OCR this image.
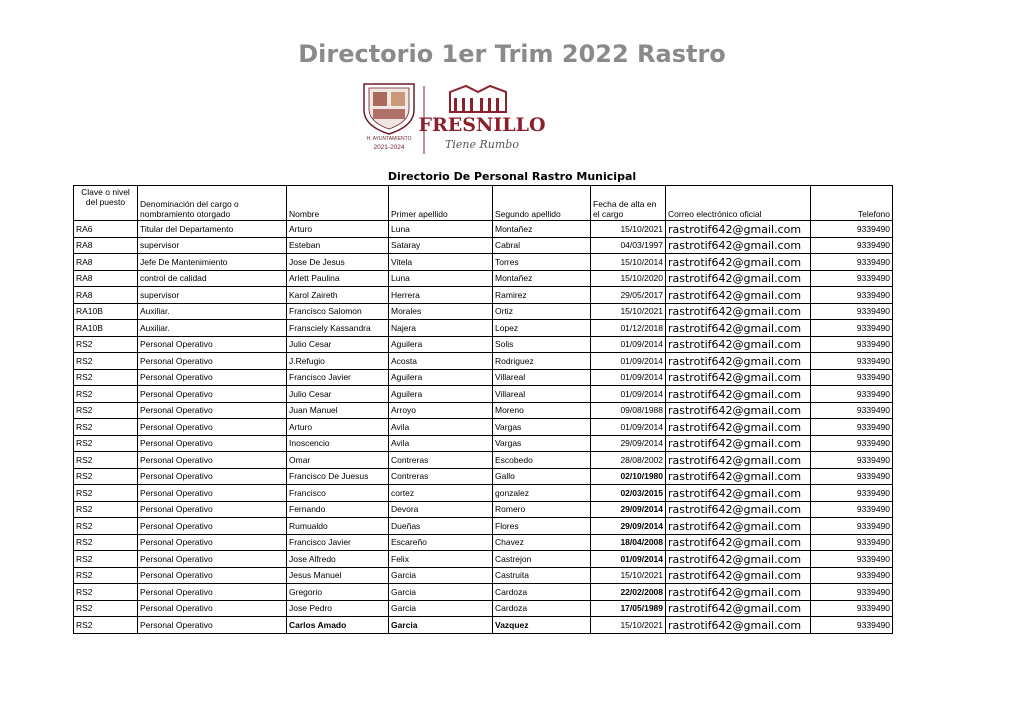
Directorio 1er Trim 2022 Rastro
H. AYUNTAMIENTO
2021-2024
FRESNILLO
Tiene Rumbo
Directorio De Personal Rastro Municipal
Clave o nivel del puesto	Denominación del cargo o nombramiento otorgado	Nombre	Primer apellido	Segundo apellido	Fecha de alta en el cargo	Correo electrónico oficial	Telefono
RA6	Titular del Departamento	Arturo	Luna	Montañez	15/10/2021	rastrotif642@gmail.com	9339490
RA8	supervisor	Esteban	Sataray	Cabral	04/03/1997	rastrotif642@gmail.com	9339490
RA8	Jefe De Mantenimiento	Jose De Jesus	Vitela	Torres	15/10/2014	rastrotif642@gmail.com	9339490
RA8	control de calidad	Arlett Paulina	Luna	Montañez	15/10/2020	rastrotif642@gmail.com	9339490
RA8	supervisor	Karol Zaireth	Herrera	Ramirez	29/05/2017	rastrotif642@gmail.com	9339490
RA10B	Auxiliar.	Francisco Salomon	Morales	Ortiz	15/10/2021	rastrotif642@gmail.com	9339490
RA10B	Auxiliar.	Fransciely Kassandra	Najera	Lopez	01/12/2018	rastrotif642@gmail.com	9339490
RS2	Personal Operativo	Julio Cesar	Aguilera	Solis	01/09/2014	rastrotif642@gmail.com	9339490
RS2	Personal Operativo	J.Refugio	Acosta	Rodriguez	01/09/2014	rastrotif642@gmail.com	9339490
RS2	Personal Operativo	Francisco Javier	Aguilera	Villareal	01/09/2014	rastrotif642@gmail.com	9339490
RS2	Personal Operativo	Julio Cesar	Aguilera	Villareal	01/09/2014	rastrotif642@gmail.com	9339490
RS2	Personal Operativo	Juan Manuel	Arroyo	Moreno	09/08/1988	rastrotif642@gmail.com	9339490
RS2	Personal Operativo	Arturo	Avila	Vargas	01/09/2014	rastrotif642@gmail.com	9339490
RS2	Personal Operativo	Inoscencio	Avila	Vargas	29/09/2014	rastrotif642@gmail.com	9339490
RS2	Personal Operativo	Omar	Contreras	Escobedo	28/08/2002	rastrotif642@gmail.com	9339490
RS2	Personal Operativo	Francisco De Juesus	Contreras	Gallo	02/10/1980	rastrotif642@gmail.com	9339490
RS2	Personal Operativo	Francisco	cortez	gonzalez	02/03/2015	rastrotif642@gmail.com	9339490
RS2	Personal Operativo	Fernando	Devora	Romero	29/09/2014	rastrotif642@gmail.com	9339490
RS2	Personal Operativo	Rumualdo	Dueñas	Flores	29/09/2014	rastrotif642@gmail.com	9339490
RS2	Personal Operativo	Francisco Javier	Escareño	Chavez	18/04/2008	rastrotif642@gmail.com	9339490
RS2	Personal Operativo	Jose Alfredo	Felix	Castrejon	01/09/2014	rastrotif642@gmail.com	9339490
RS2	Personal Operativo	Jesus Manuel	Garcia	Castruita	15/10/2021	rastrotif642@gmail.com	9339490
RS2	Personal Operativo	Gregorio	Garcia	Cardoza	22/02/2008	rastrotif642@gmail.com	9339490
RS2	Personal Operativo	Jose Pedro	Garcia	Cardoza	17/05/1989	rastrotif642@gmail.com	9339490
RS2	Personal Operativo	Carlos Amado	Garcia	Vazquez	15/10/2021	rastrotif642@gmail.com	9339490
